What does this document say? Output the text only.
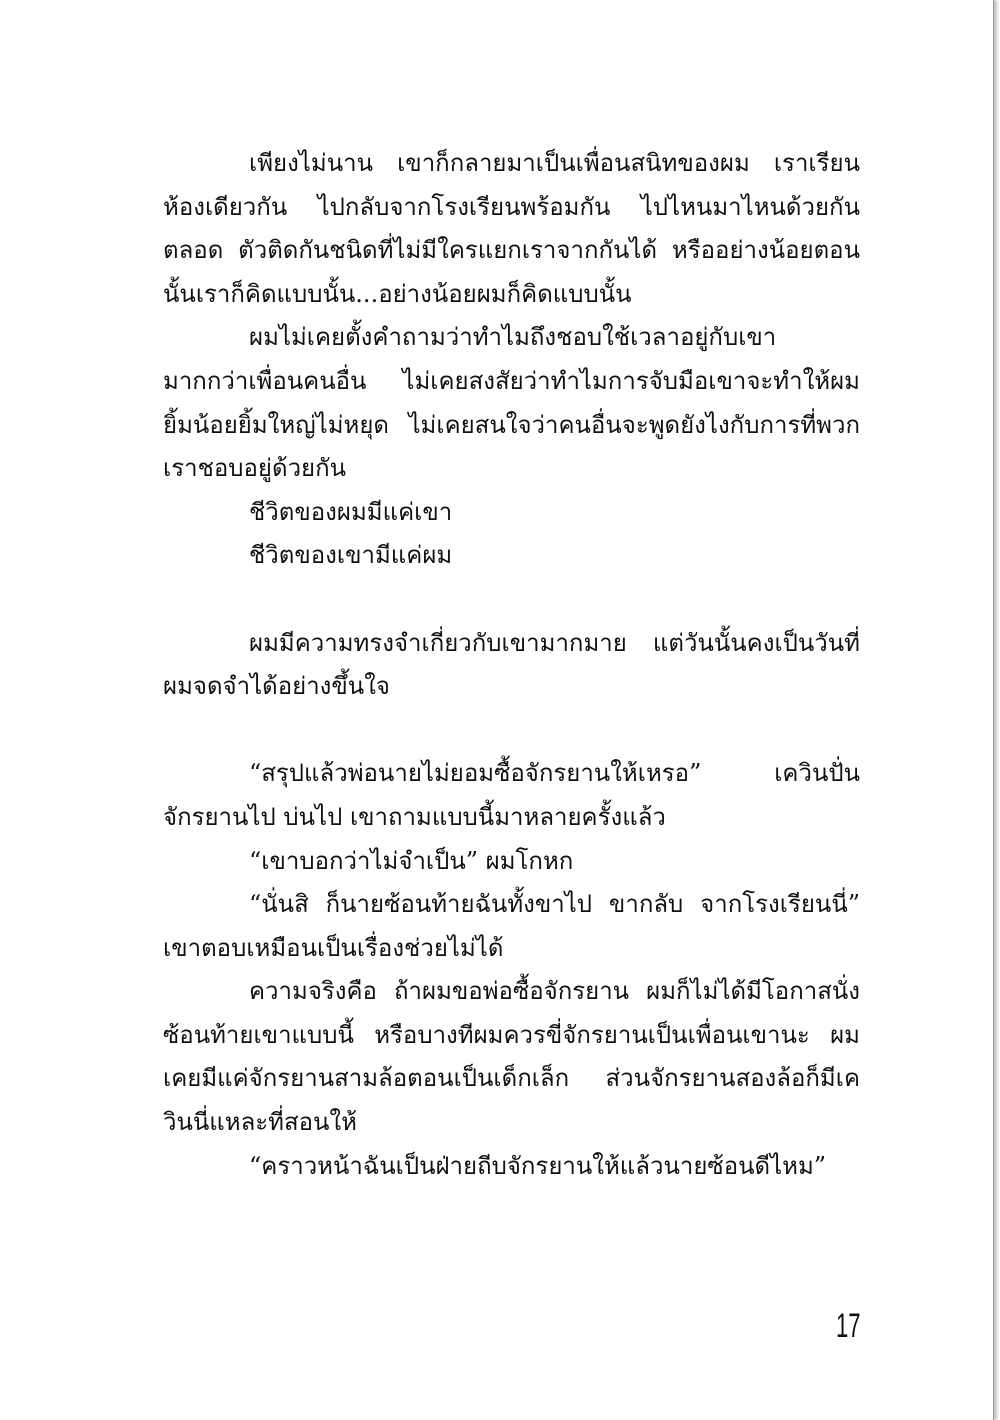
เพียงไม่นาน เขาก็กลายมาเป็นเพื่อนสนิทของผม เราเรียนห้องเดียวกัน ไปกลับจากโรงเรียนพร้อมกัน ไปไหนมาไหนด้วยกันตลอด ตัวติดกันชนิดที่ไม่มีใครแยกเราจากกันได้ หรืออย่างน้อยตอนนั้นเราก็คิดแบบนั้น...อย่างน้อยผมก็คิดแบบนั้น

ผมไม่เคยตั้งคำถามว่าทำไมถึงชอบใช้เวลาอยู่กับเขามากกว่าเพื่อนคนอื่น ไม่เคยสงสัยว่าทำไมการจับมือเขาจะทำให้ผมยิ้มน้อยยิ้มใหญ่ไม่หยุด ไม่เคยสนใจว่าคนอื่นจะพูดยังไงกับการที่พวกเราชอบอยู่ด้วยกัน

ชีวิตของผมมีแค่เขา

ชีวิตของเขามีแค่ผม

ผมมีความทรงจำเกี่ยวกับเขามากมาย แต่วันนั้นคงเป็นวันที่ผมจดจำได้อย่างขึ้นใจ

“สรุปแล้วพ่อนายไม่ยอมซื้อจักรยานให้เหรอ” เควินปั่นจักรยานไป บ่นไป เขาถามแบบนี้มาหลายครั้งแล้ว

“เขาบอกว่าไม่จำเป็น” ผมโกหก

“นั่นสิ ก็นายซ้อนท้ายฉันทั้งขาไป ขากลับ จากโรงเรียนนี่” เขาตอบเหมือนเป็นเรื่องช่วยไม่ได้

ความจริงคือ ถ้าผมขอพ่อซื้อจักรยาน ผมก็ไม่ได้มีโอกาสนั่งซ้อนท้ายเขาแบบนี้ หรือบางทีผมควรขี่จักรยานเป็นเพื่อนเขานะ ผมเคยมีแค่จักรยานสามล้อตอนเป็นเด็กเล็ก ส่วนจักรยานสองล้อก็มีเควินนี่แหละที่สอนให้

“คราวหน้าฉันเป็นฝ่ายถีบจักรยานให้แล้วนายซ้อนดีไหม”

17
